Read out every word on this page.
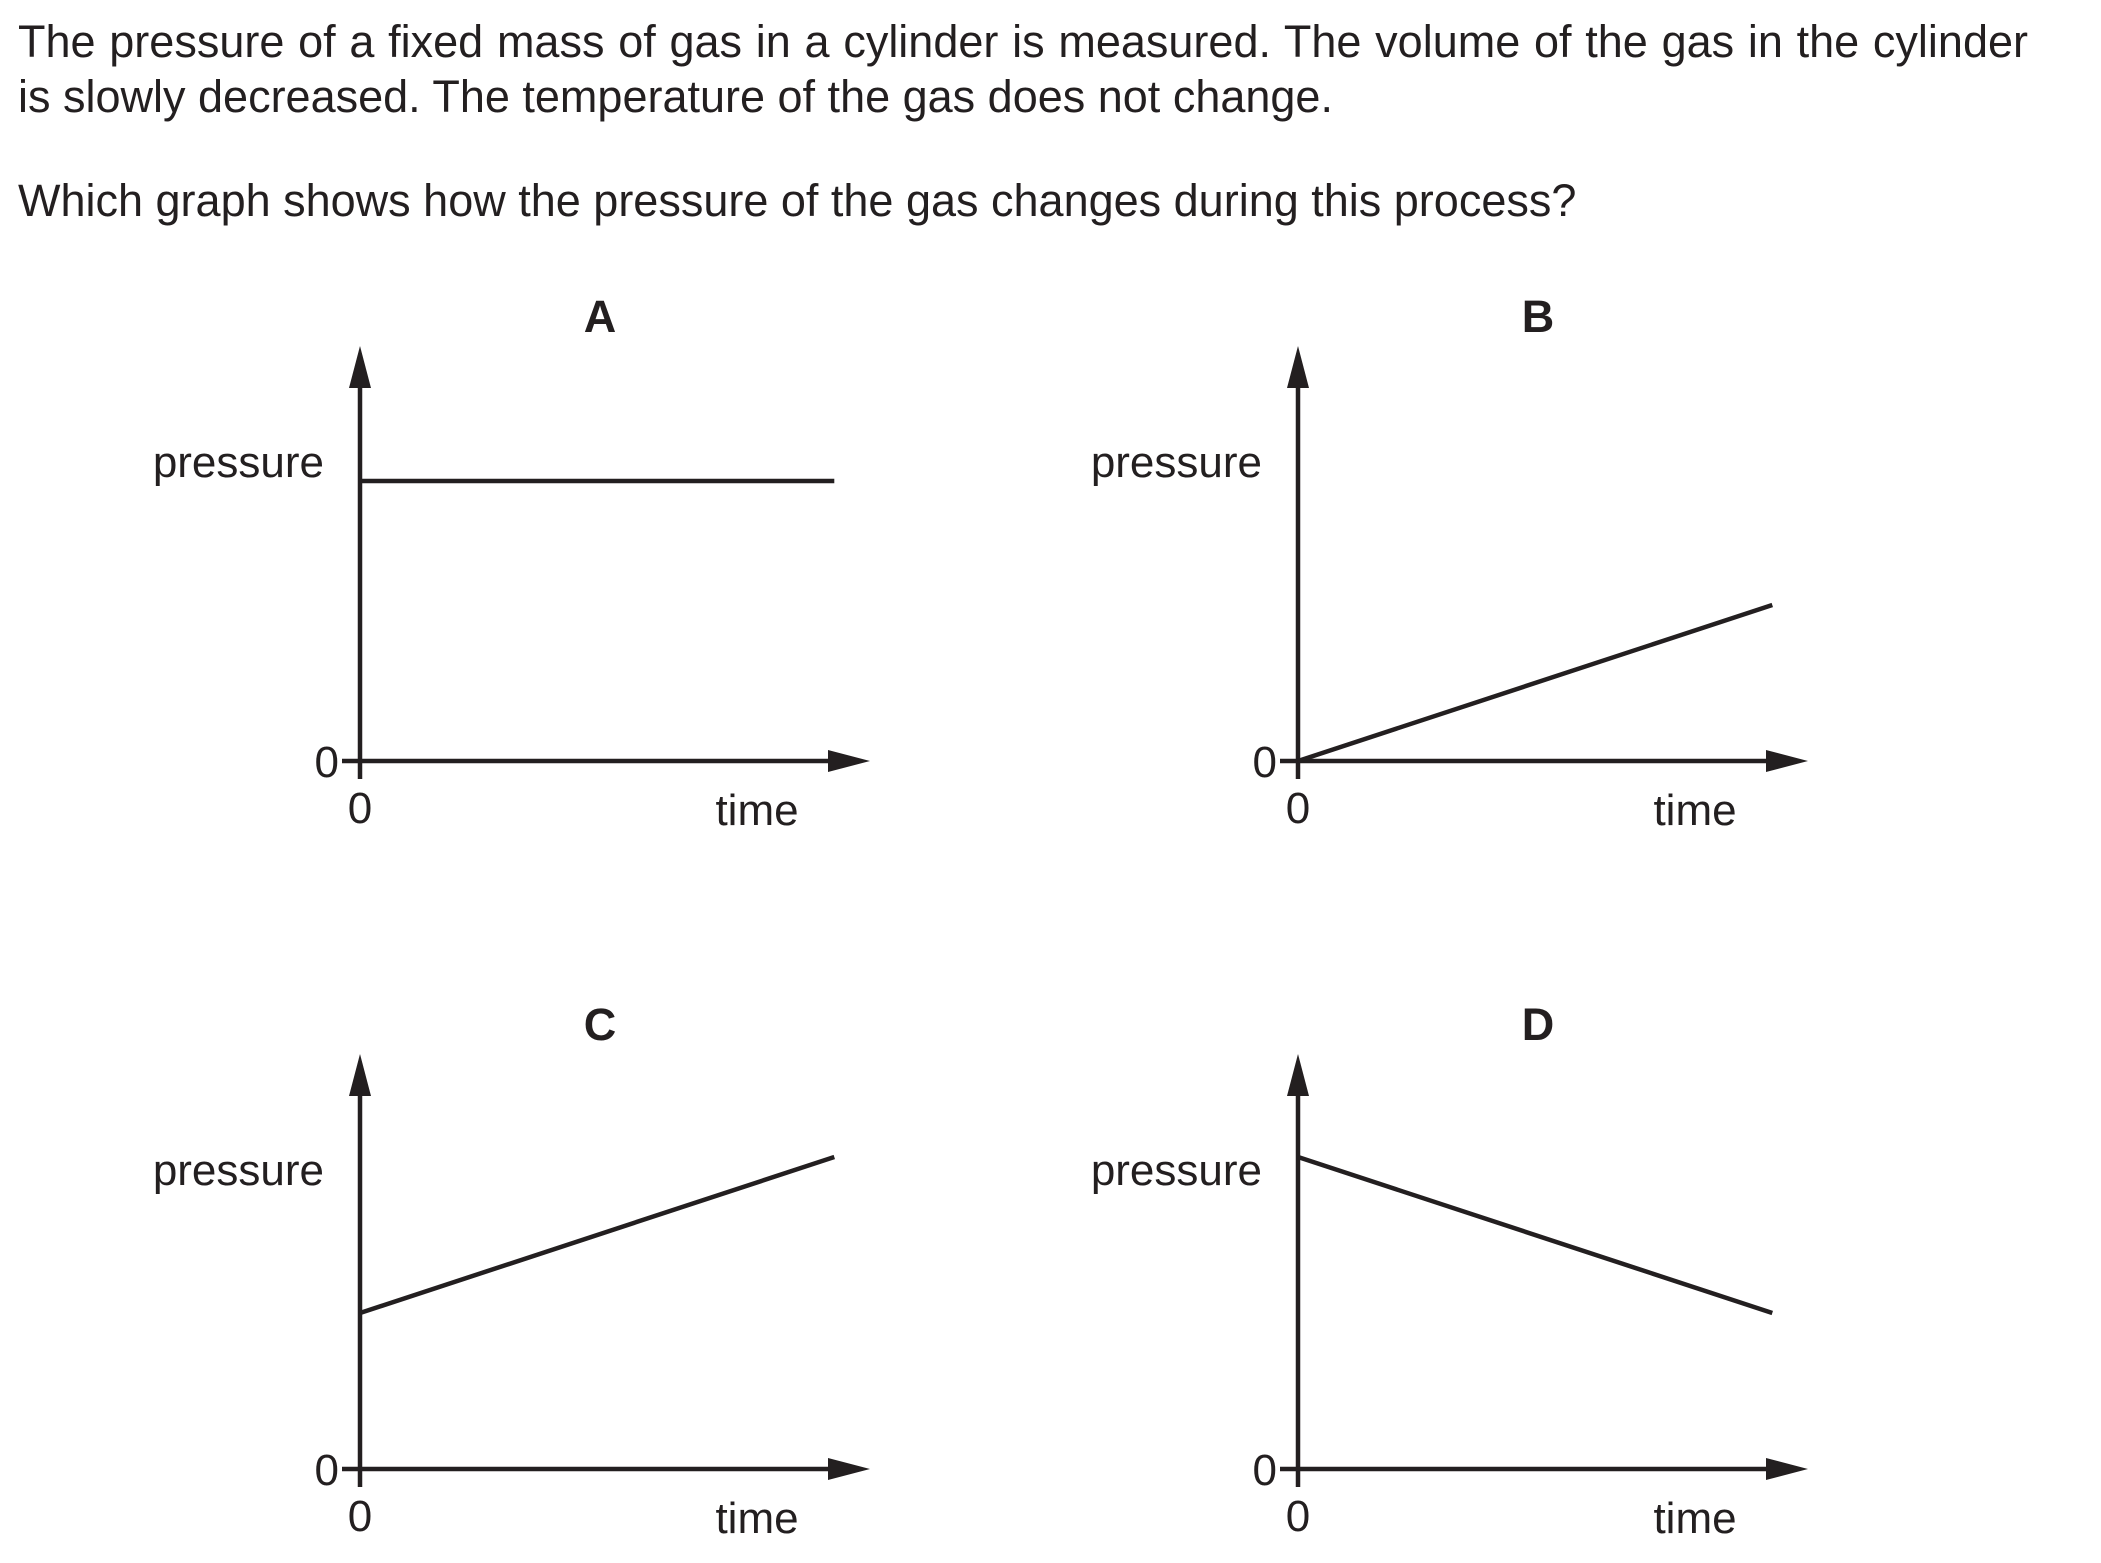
The pressure of a fixed mass of gas in a cylinder is measured. The volume of the gas in the cylinder is slowly decreased. The temperature of the gas does not change.

Which graph shows how the pressure of the gas changes during this process?

A
0
0
pressure
time
B
0
0
pressure
time
C
0
0
pressure
time
D
0
0
pressure
time
